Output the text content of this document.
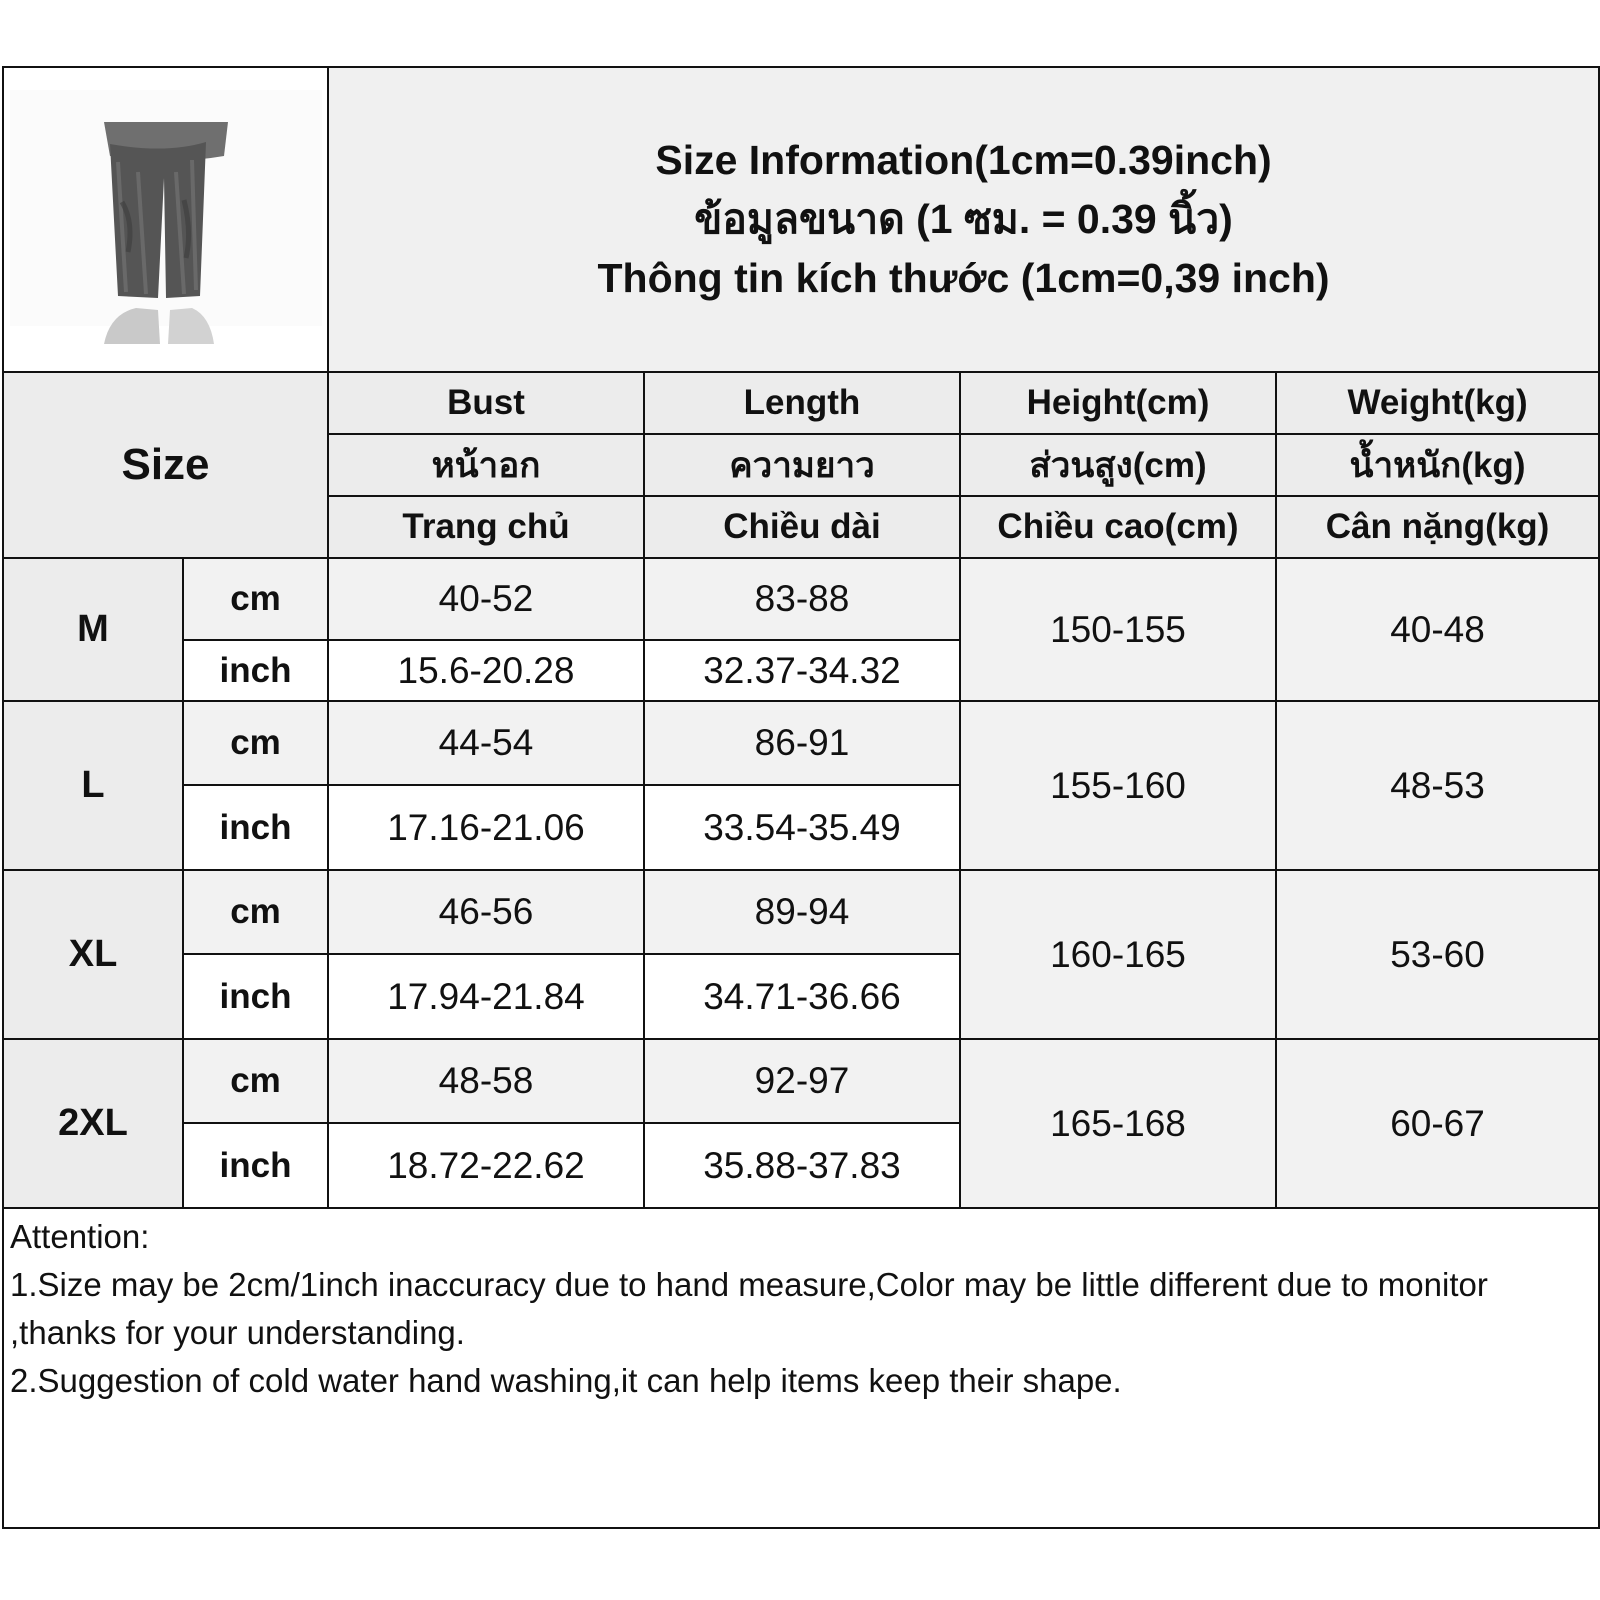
Size Information(1cm=0.39inch)
ข้อมูลขนาด (1 ซม. = 0.39 นิ้ว)
Thông tin kích thước (1cm=0,39 inch)			

Size		Bust	Length	Height(cm)	Weight(kg)
		หน้าอก	ความยาว	ส่วนสูง(cm)	น้ำหนัก(kg)
		Trang chủ	Chiều dài	Chiều cao(cm)	Cân nặng(kg)
M	cm	40-52	83-88	150-155	40-48
	inch	15.6-20.28	32.37-34.32		
L	cm	44-54	86-91	155-160	48-53
	inch	17.16-21.06	33.54-35.49		
XL	cm	46-56	89-94	160-165	53-60
	inch	17.94-21.84	34.71-36.66		
2XL	cm	48-58	92-97	165-168	60-67
	inch	18.72-22.62	35.88-37.83		

Attention:
1.Size may be 2cm/1inch inaccuracy due to hand measure,Color may be little different due to monitor ,thanks for your understanding.
2.Suggestion of cold water hand washing,it can help items keep their shape.					
